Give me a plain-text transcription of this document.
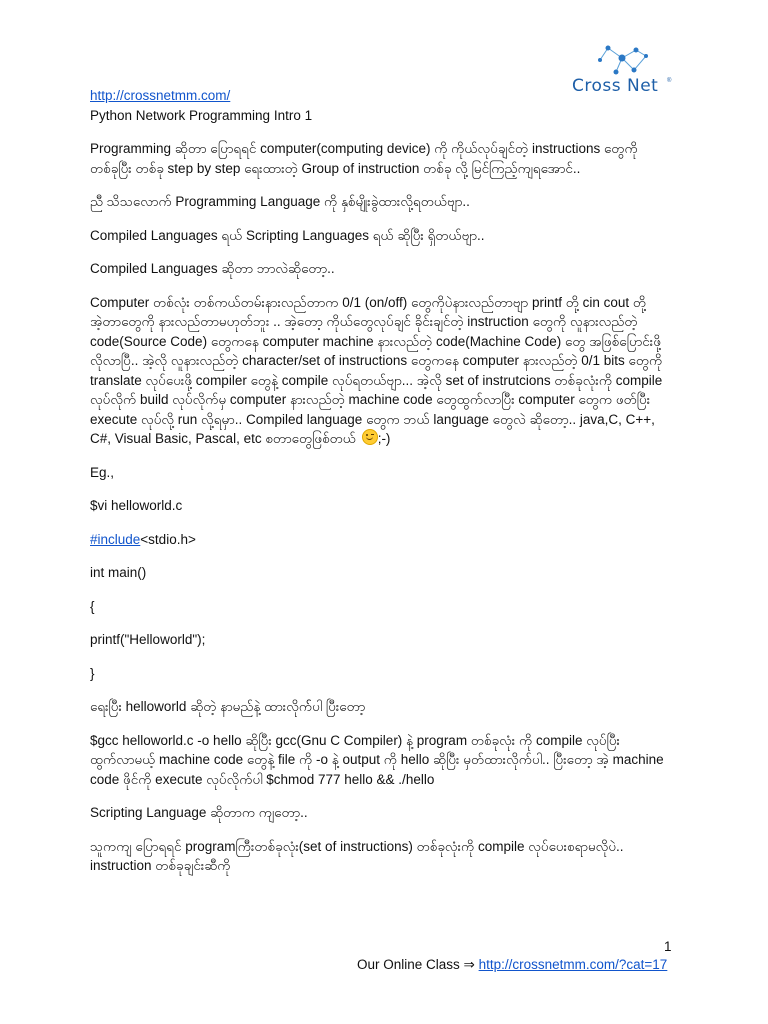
Cross Net ®

http://crossnetmm.com/

Python Network Programming Intro 1

Programming ဆိုတာ ပြောရရင် computer(computing device) ကို ကိုယ်လုပ်ချင်တဲ့ instructions တွေကို

တစ်ခုပြီး တစ်ခု step by step ရေးထားတဲ့ Group of instruction တစ်ခု လို့ မြင်ကြည့်ကျရအောင်..

ညီ သိသလောက် Programming Language ကို နှစ်မျိုးခွဲထားလို့ရတယ်ဗျာ..

Compiled Languages ရယ် Scripting Languages ရယ် ဆိုပြီး ရှိတယ်ဗျာ..

Compiled Languages ဆိုတာ ဘာလဲဆိုတော့..

Computer တစ်လုံး တစ်ကယ်တမ်းနားလည်တာက 0/1 (on/off) တွေကိုပဲနားလည်တာဗျာ printf တို့ cin cout တို့

အဲ့တာတွေကို နားလည်တာမဟုတ်ဘူး .. အဲ့တော့ ကိုယ်တွေလုပ်ချင် ခိုင်းချင်တဲ့ instruction တွေကို လူနားလည်တဲ့

code(Source Code) တွေကနေ computer machine နားလည်တဲ့ code(Machine Code) တွေ အဖြစ်ပြောင်းဖို့

လိုလာပြီ.. အဲ့လို လူနားလည်တဲ့ character/set of instructions တွေကနေ computer နားလည်တဲ့ 0/1 bits တွေကို

translate လုပ်ပေးဖို့ compiler တွေနဲ့ compile လုပ်ရတယ်ဗျာ... အဲ့လို set of instrutcions တစ်ခုလုံးကို compile

လုပ်လိုက် build လုပ်လိုက်မှ computer နားလည်တဲ့ machine code တွေထွက်လာပြီး computer တွေက ဖတ်ပြီး

execute လုပ်လို့ run လို့ရမှာ.. Compiled language တွေက ဘယ် language တွေလဲ ဆိုတော့.. java,C, C++,

C#, Visual Basic, Pascal, etc စတာတွေဖြစ်တယ် ;-)

Eg.,

$vi helloworld.c

#include<stdio.h>

int main()

{

printf("Helloworld");

}

ရေးပြီး helloworld ဆိုတဲ့ နာမည်နဲ့ ထားလိုက််ပါ ပြီးတော့

$gcc helloworld.c -o hello ဆိုပြီး gcc(Gnu C Compiler) နဲ့ program တစ်ခုလုံး ကို compile လုပ်ပြီး

ထွက်လာမယ့် machine code တွေနဲ့ file ကို -o နဲ့ output ကို hello ဆိုပြီး မှတ်ထားလိုက်ပါ.. ပြီးတော့ အဲ့ machine

code ဖိုင်ကို execute လုပ်လိုက်ပါ $chmod 777 hello && ./hello

Scripting Language ဆိုတာက ကျတော့..

သူကကျ ပြောရရင် programကြီးတစ်ခုလုံး(set of instructions) တစ်ခုလုံးကို compile လုပ်ပေးစရာမလိုပဲ..

instruction တစ်ခုချင်းဆီကို

1
Our Online Class ⇒ http://crossnetmm.com/?cat=17
